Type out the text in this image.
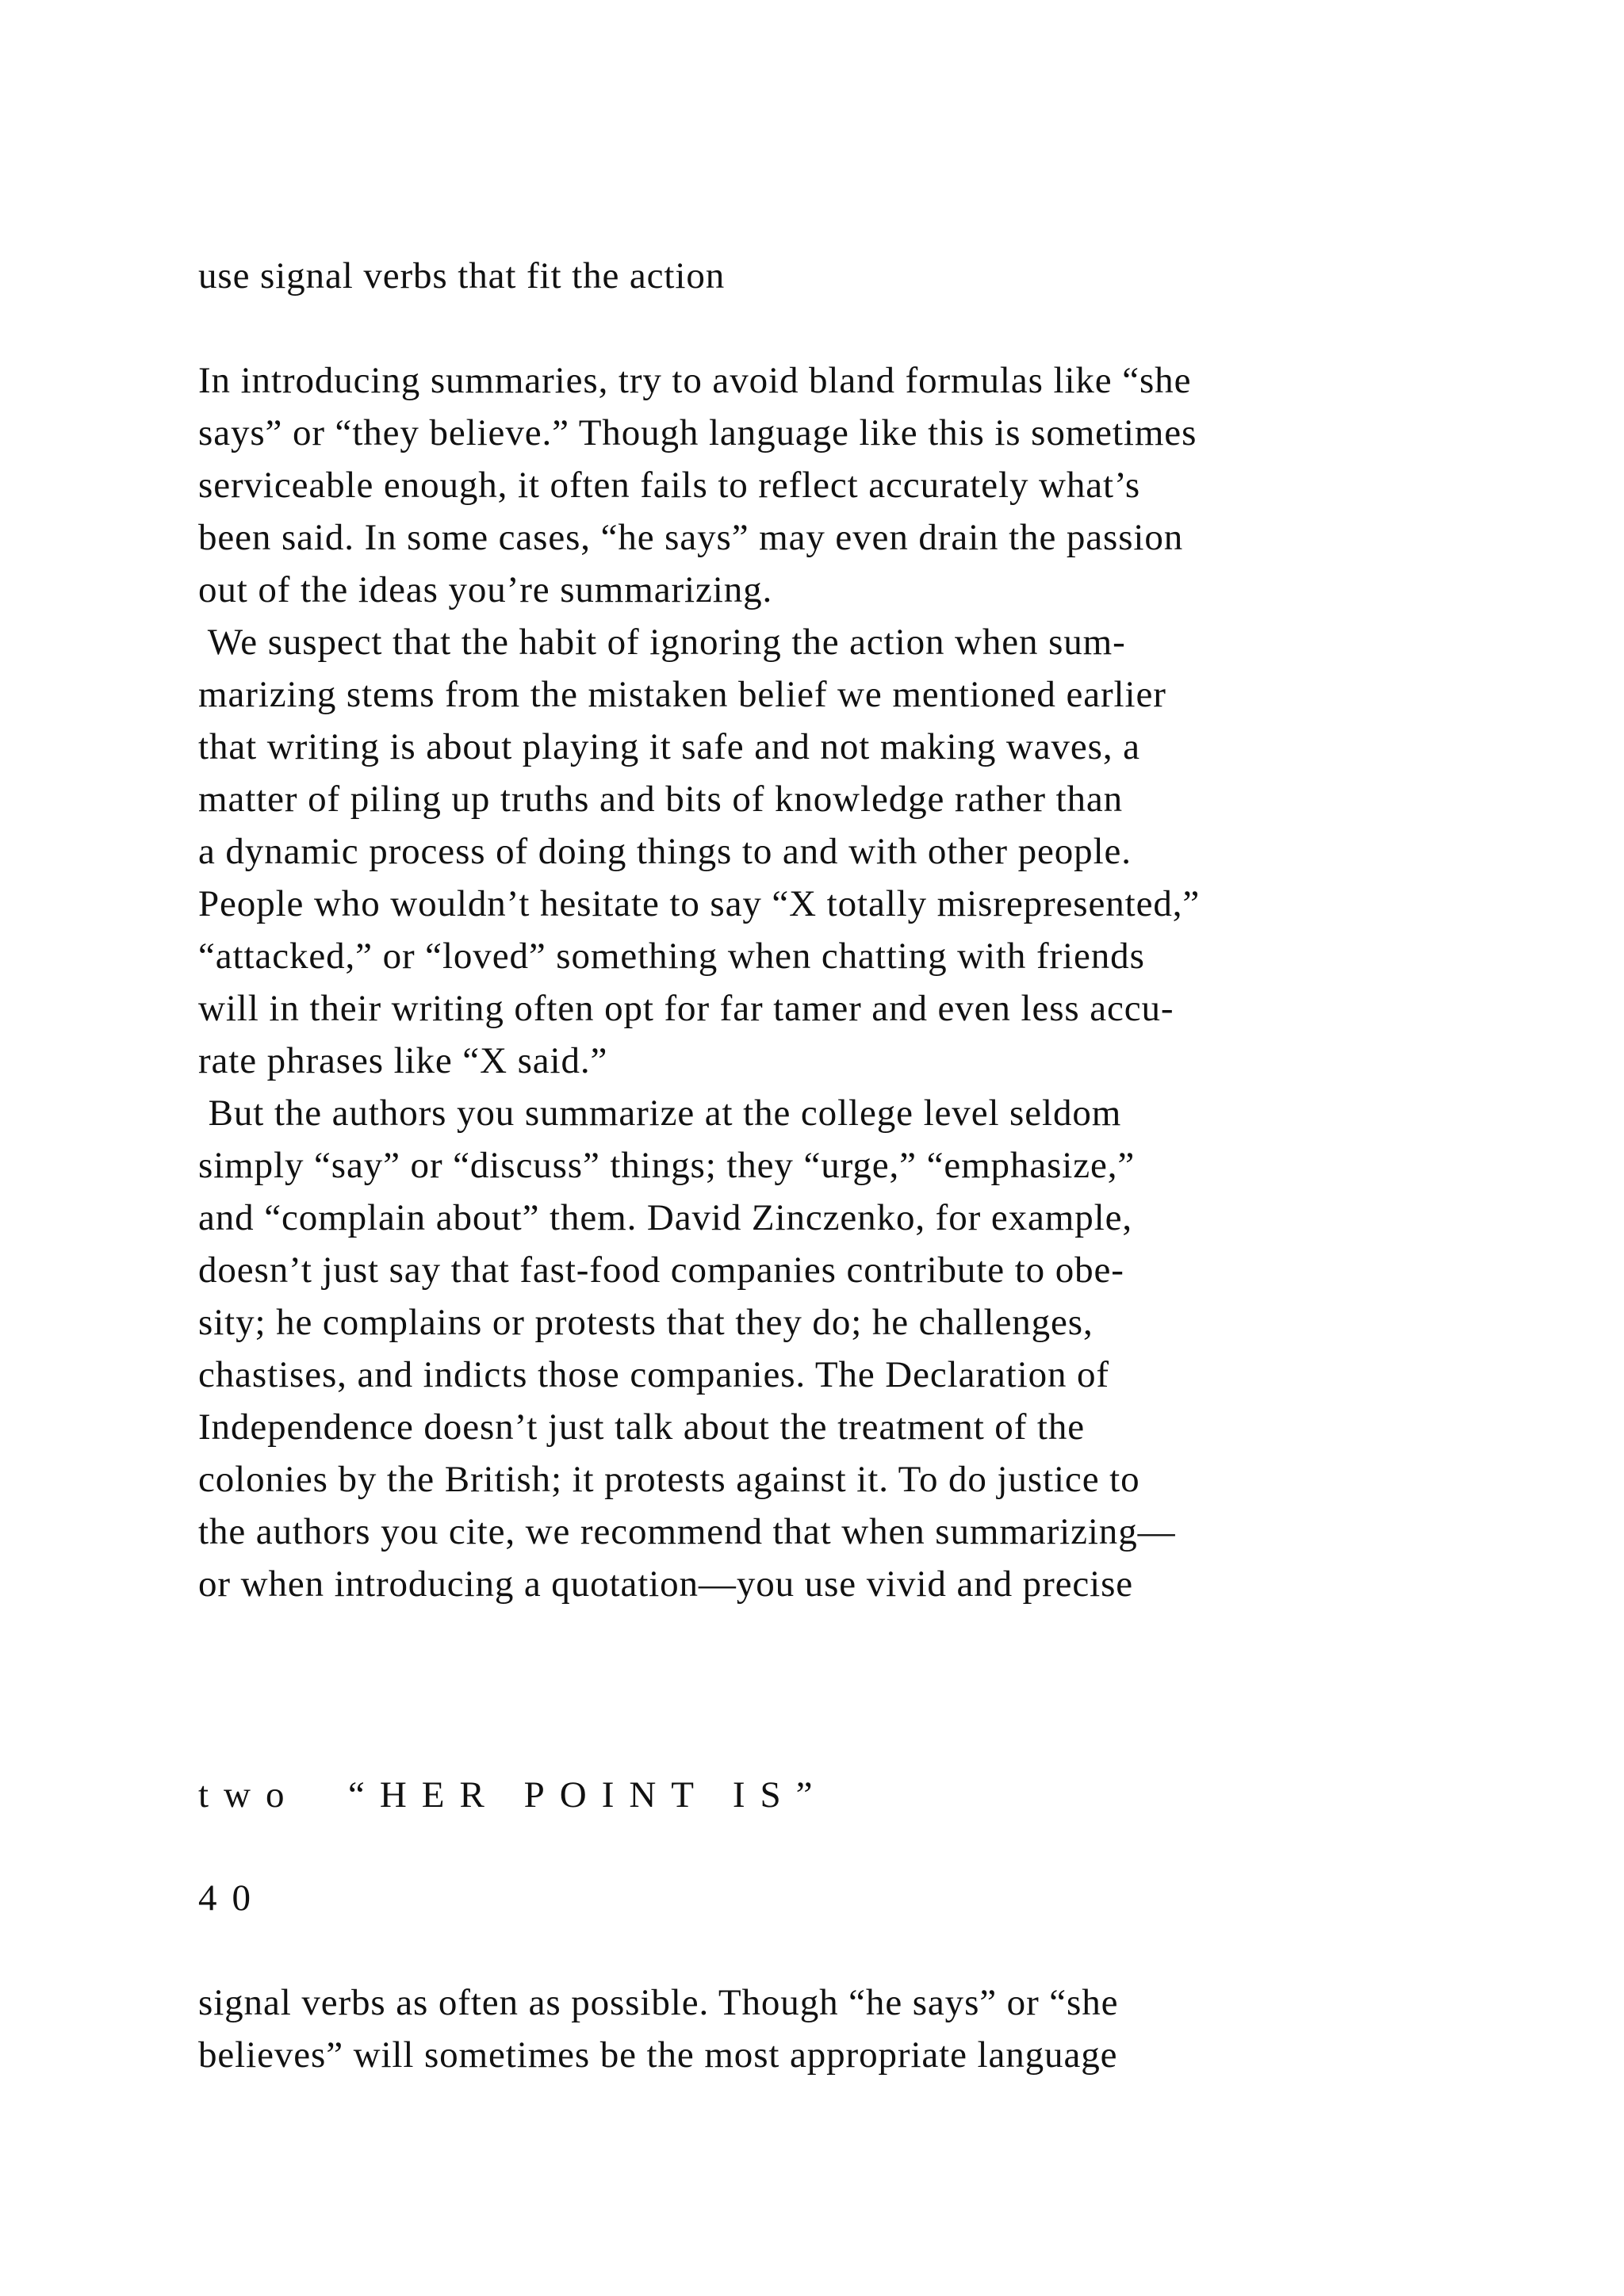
use signal verbs that fit the action

In introducing summaries, try to avoid bland formulas like “she

says” or “they believe.” Though language like this is sometimes

serviceable enough, it often fails to reflect accurately what’s

been said. In some cases, “he says” may even drain the passion

out of the ideas you’re summarizing.

We suspect that the habit of ignoring the action when sum-

marizing stems from the mistaken belief we mentioned earlier

that writing is about playing it safe and not making waves, a

matter of piling up truths and bits of knowledge rather than

a dynamic process of doing things to and with other people.

People who wouldn’t hesitate to say “X totally misrepresented,”

“attacked,” or “loved” something when chatting with friends

will in their writing often opt for far tamer and even less accu-

rate phrases like “X said.”

But the authors you summarize at the college level seldom

simply “say” or “discuss” things; they “urge,” “emphasize,”

and “complain about” them. David Zinczenko, for example,

doesn’t just say that fast-food companies contribute to obe-

sity; he complains or protests that they do; he challenges,

chastises, and indicts those companies. The Declaration of

Independence doesn’t just talk about the treatment of the

colonies by the British; it protests against it. To do justice to

the authors you cite, we recommend that when summarizing—

or when introducing a quotation—you use vivid and precise

two  “HER POINT IS”

40

signal verbs as often as possible. Though “he says” or “she

believes” will sometimes be the most appropriate language
